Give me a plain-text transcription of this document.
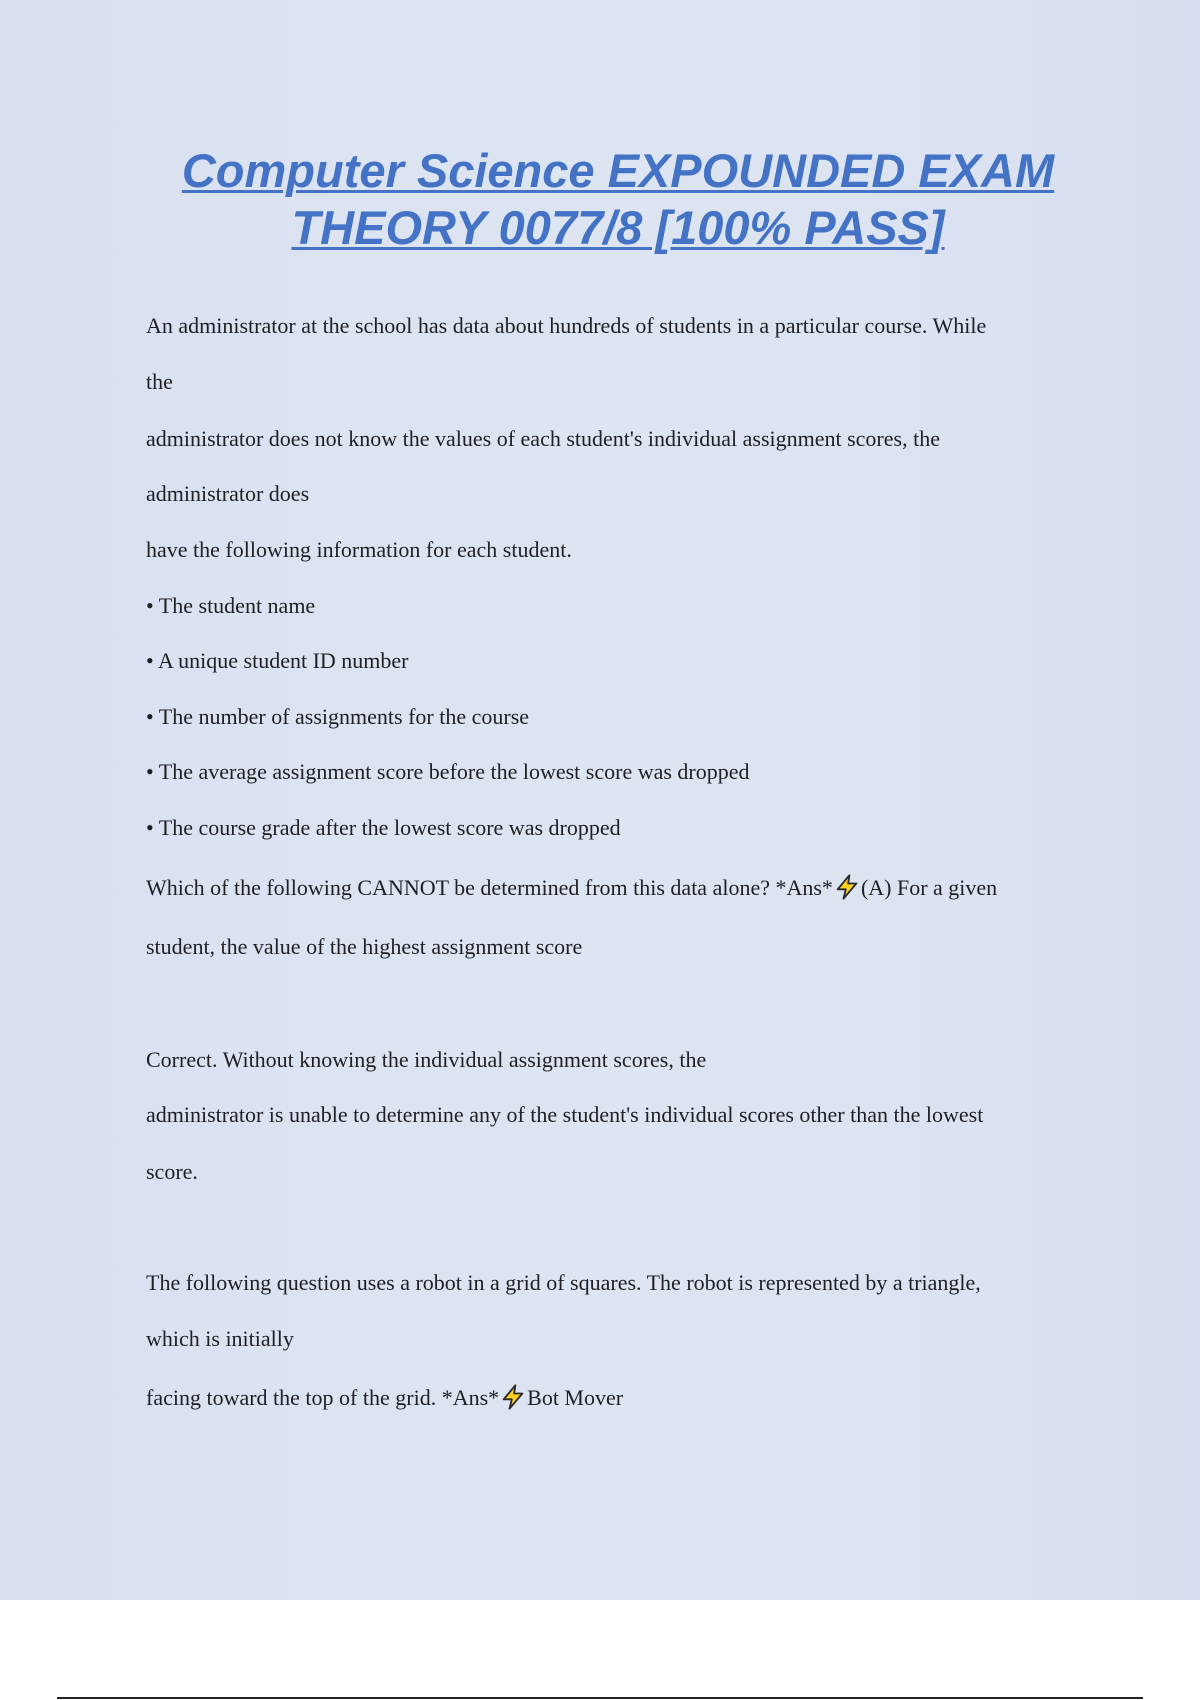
Computer Science EXPOUNDED EXAM
THEORY 0077/8 [100% PASS]

An administrator at the school has data about hundreds of students in a particular course. While

the

administrator does not know the values of each student's individual assignment scores, the

administrator does

have the following information for each student.

• The student name

• A unique student ID number

• The number of assignments for the course

• The average assignment score before the lowest score was dropped

• The course grade after the lowest score was dropped

Which of the following CANNOT be determined from this data alone? *Ans* (A) For a given

student, the value of the highest assignment score

Correct. Without knowing the individual assignment scores, the

administrator is unable to determine any of the student's individual scores other than the lowest

score.

The following question uses a robot in a grid of squares. The robot is represented by a triangle,

which is initially

facing toward the top of the grid. *Ans* Bot Mover
